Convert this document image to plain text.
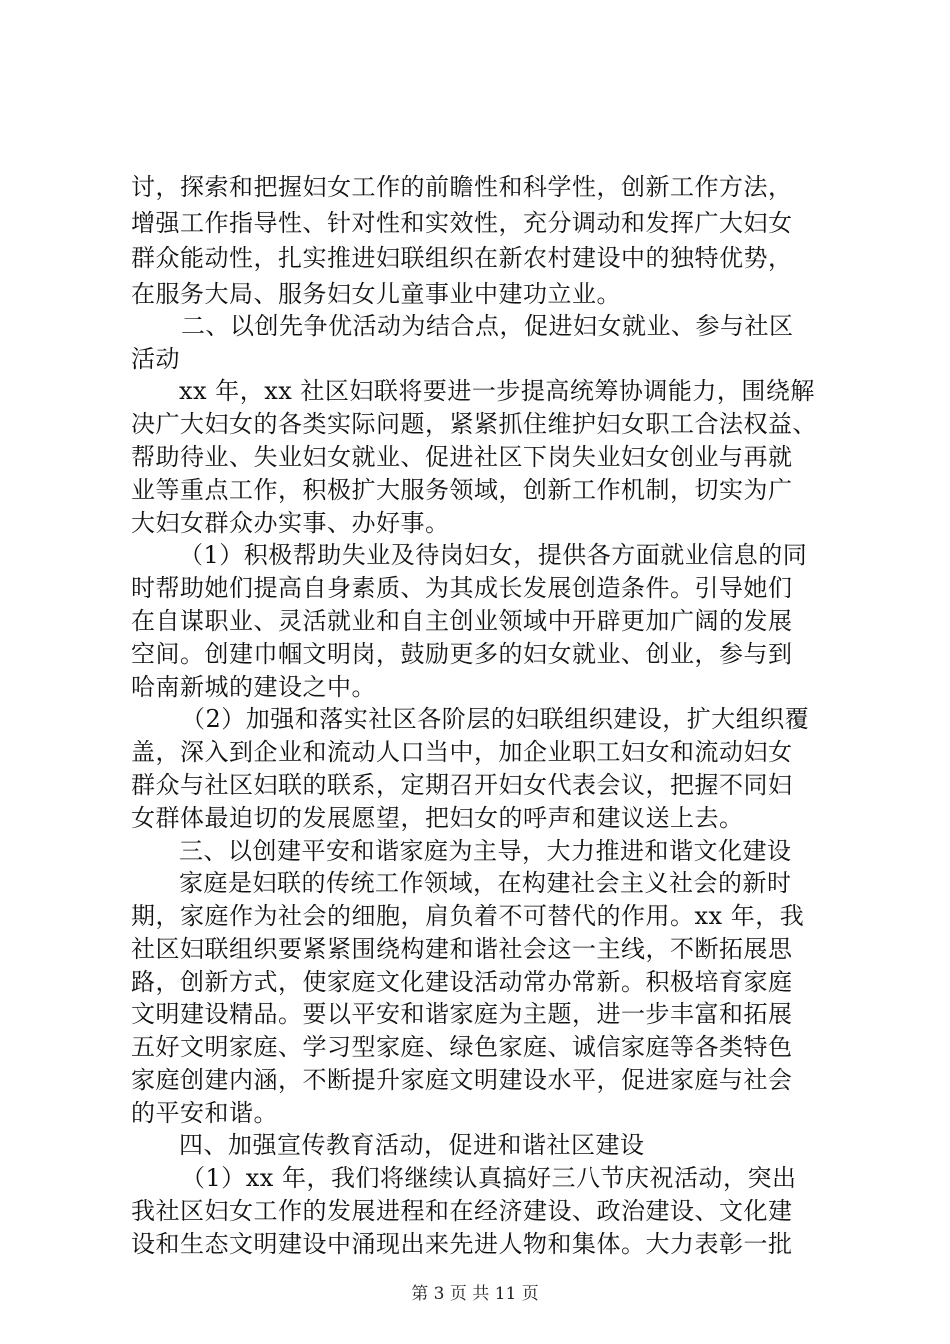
讨，探索和把握妇女工作的前瞻性和科学性，创新工作方法，
增强工作指导性、针对性和实效性，充分调动和发挥广大妇女
群众能动性，扎实推进妇联组织在新农村建设中的独特优势，
在服务大局、服务妇女儿童事业中建功立业。
二、以创先争优活动为结合点，促进妇女就业、参与社区
活动
xx 年，xx 社区妇联将要进一步提高统筹协调能力，围绕解
决广大妇女的各类实际问题，紧紧抓住维护妇女职工合法权益、
帮助待业、失业妇女就业、促进社区下岗失业妇女创业与再就
业等重点工作，积极扩大服务领域，创新工作机制，切实为广
大妇女群众办实事、办好事。
（1）积极帮助失业及待岗妇女，提供各方面就业信息的同
时帮助她们提高自身素质、为其成长发展创造条件。引导她们
在自谋职业、灵活就业和自主创业领域中开辟更加广阔的发展
空间。创建巾帼文明岗，鼓励更多的妇女就业、创业，参与到
哈南新城的建设之中。
（2）加强和落实社区各阶层的妇联组织建设，扩大组织覆
盖，深入到企业和流动人口当中，加企业职工妇女和流动妇女
群众与社区妇联的联系，定期召开妇女代表会议，把握不同妇
女群体最迫切的发展愿望，把妇女的呼声和建议送上去。
三、以创建平安和谐家庭为主导，大力推进和谐文化建设
家庭是妇联的传统工作领域，在构建社会主义社会的新时
期，家庭作为社会的细胞，肩负着不可替代的作用。xx 年，我
社区妇联组织要紧紧围绕构建和谐社会这一主线，不断拓展思
路，创新方式，使家庭文化建设活动常办常新。积极培育家庭
文明建设精品。要以平安和谐家庭为主题，进一步丰富和拓展
五好文明家庭、学习型家庭、绿色家庭、诚信家庭等各类特色
家庭创建内涵，不断提升家庭文明建设水平，促进家庭与社会
的平安和谐。
四、加强宣传教育活动，促进和谐社区建设
（1）xx 年，我们将继续认真搞好三八节庆祝活动，突出
我社区妇女工作的发展进程和在经济建设、政治建设、文化建
设和生态文明建设中涌现出来先进人物和集体。大力表彰一批
第 3 页 共 11 页
